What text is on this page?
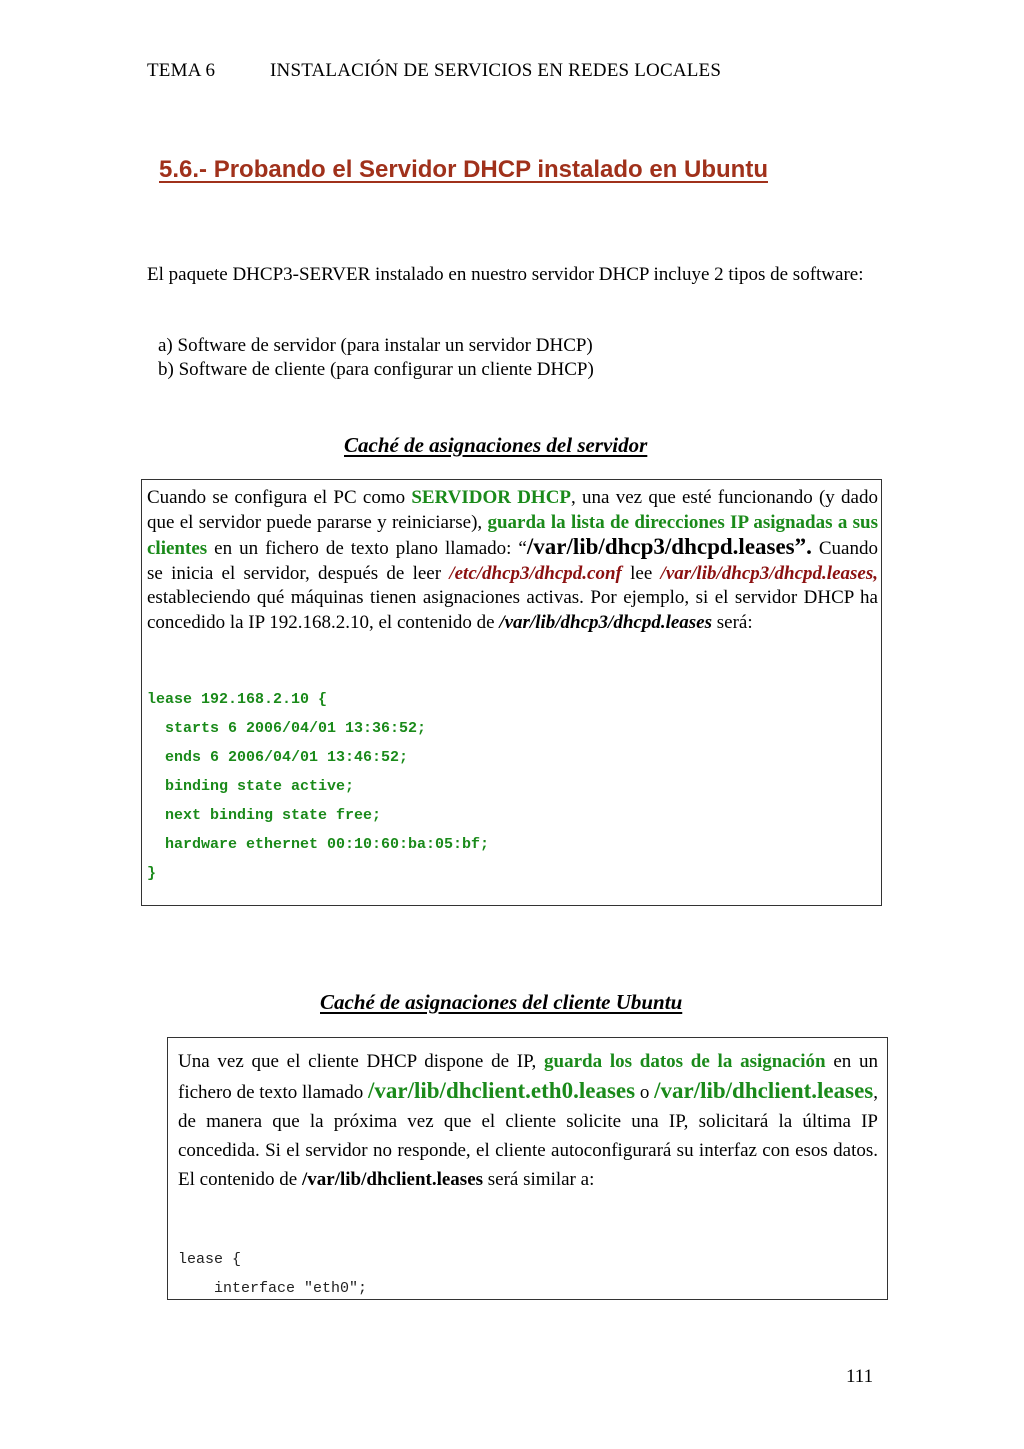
TEMA 6	INSTALACIÓN DE SERVICIOS EN REDES LOCALES
5.6.- Probando el Servidor DHCP instalado en Ubuntu
El paquete DHCP3-SERVER instalado en nuestro servidor DHCP incluye 2 tipos de software:
a) Software de servidor (para instalar un servidor DHCP)
b) Software de cliente (para configurar un cliente DHCP)
Caché de asignaciones del servidor
Cuando se configura el PC como SERVIDOR DHCP, una vez que esté funcionando (y dado que el servidor puede pararse y reiniciarse), guarda la lista de direcciones IP asignadas a sus clientes en un fichero de texto plano llamado: “/var/lib/dhcp3/dhcpd.leases”. Cuando se inicia el servidor, después de leer /etc/dhcp3/dhcpd.conf lee /var/lib/dhcp3/dhcpd.leases, estableciendo qué máquinas tienen asignaciones activas. Por ejemplo, si el servidor DHCP ha concedido la IP 192.168.2.10, el contenido de /var/lib/dhcp3/dhcpd.leases será:
lease 192.168.2.10 {
starts 6 2006/04/01 13:36:52;
ends 6 2006/04/01 13:46:52;
binding state active;
next binding state free;
hardware ethernet 00:10:60:ba:05:bf;
}
Caché de asignaciones del cliente Ubuntu
Una vez que el cliente DHCP dispone de IP, guarda los datos de la asignación en un fichero de texto llamado /var/lib/dhclient.eth0.leases o /var/lib/dhclient.leases, de manera que la próxima vez que el cliente solicite una IP, solicitará la última IP concedida. Si el servidor no responde, el cliente autoconfigurará su interfaz con esos datos. El contenido de /var/lib/dhclient.leases será similar a:
lease {
interface "eth0";
111
